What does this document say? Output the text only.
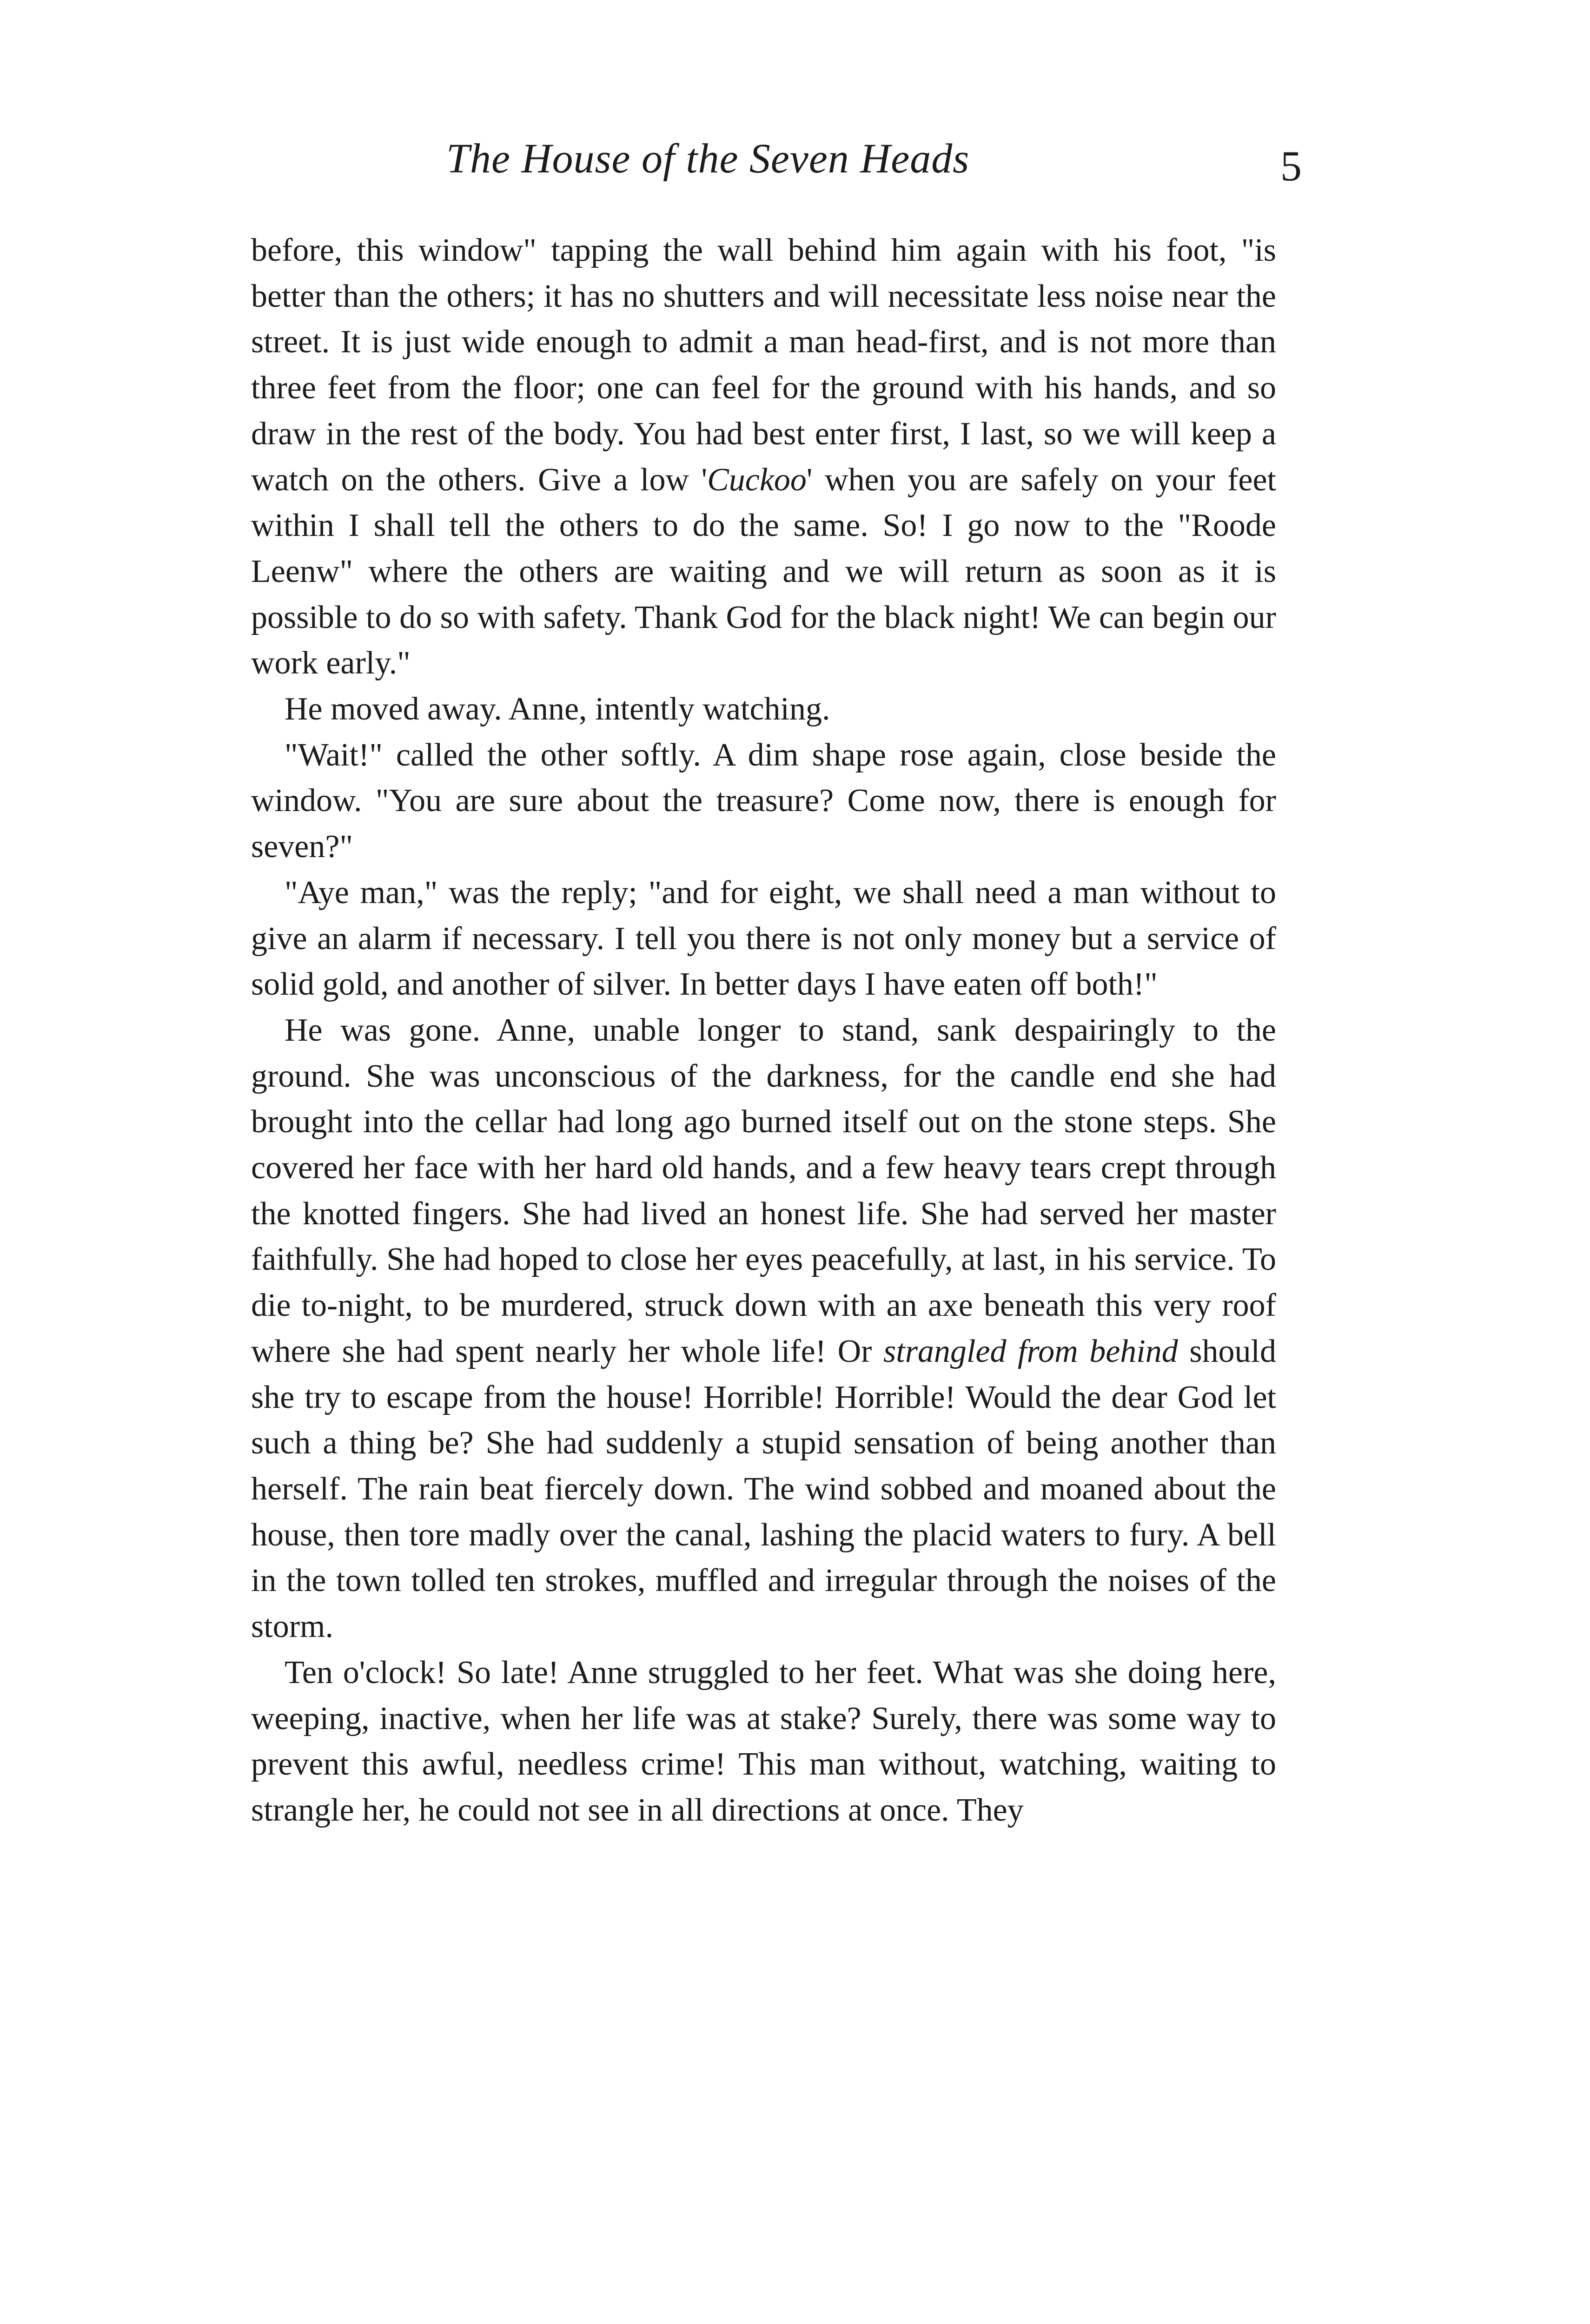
The House of the Seven Heads	5

before, this window" tapping the wall behind him again with his foot, "is better than the others; it has no shutters and will necessitate less noise near the street. It is just wide enough to admit a man head-first, and is not more than three feet from the floor; one can feel for the ground with his hands, and so draw in the rest of the body. You had best enter first, I last, so we will keep a watch on the others. Give a low 'Cuckoo' when you are safely on your feet within I shall tell the others to do the same. So! I go now to the "Roode Leenw" where the others are waiting and we will return as soon as it is possible to do so with safety. Thank God for the black night! We can begin our work early."

He moved away. Anne, intently watching.

"Wait!" called the other softly. A dim shape rose again, close beside the window. "You are sure about the treasure? Come now, there is enough for seven?"

"Aye man," was the reply; "and for eight, we shall need a man without to give an alarm if necessary. I tell you there is not only money but a service of solid gold, and another of silver. In better days I have eaten off both!"

He was gone. Anne, unable longer to stand, sank despairingly to the ground. She was unconscious of the darkness, for the candle end she had brought into the cellar had long ago burned itself out on the stone steps. She covered her face with her hard old hands, and a few heavy tears crept through the knotted fingers. She had lived an honest life. She had served her master faithfully. She had hoped to close her eyes peacefully, at last, in his service. To die to-night, to be murdered, struck down with an axe beneath this very roof where she had spent nearly her whole life! Or strangled from behind should she try to escape from the house! Horrible! Horrible! Would the dear God let such a thing be? She had suddenly a stupid sensation of being another than herself. The rain beat fiercely down. The wind sobbed and moaned about the house, then tore madly over the canal, lashing the placid waters to fury. A bell in the town tolled ten strokes, muffled and irregular through the noises of the storm.

Ten o'clock! So late! Anne struggled to her feet. What was she doing here, weeping, inactive, when her life was at stake? Surely, there was some way to prevent this awful, needless crime! This man without, watching, waiting to strangle her, he could not see in all directions at once. They
